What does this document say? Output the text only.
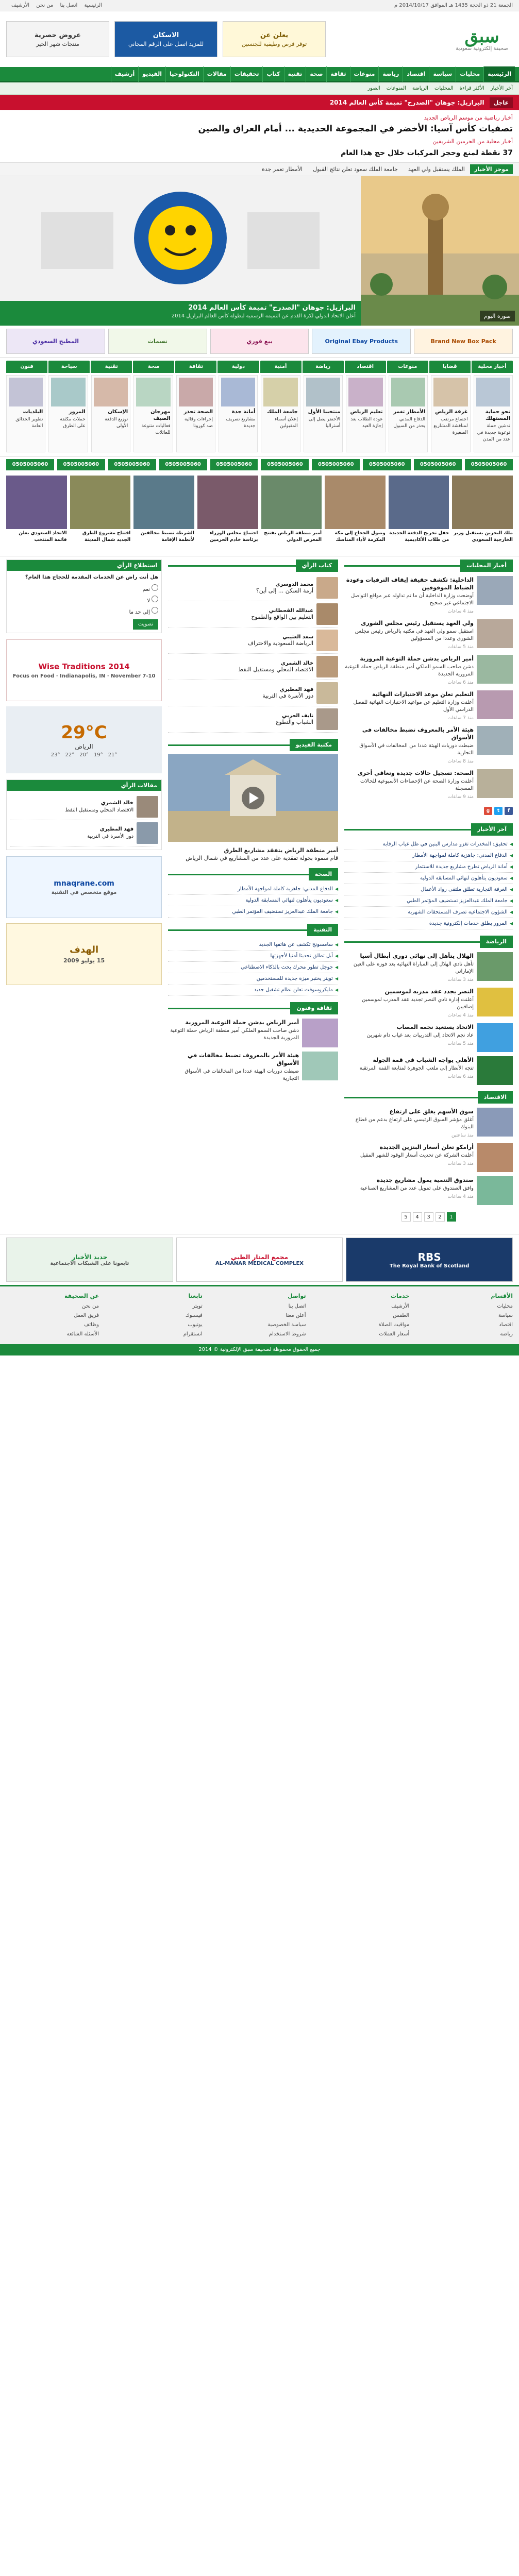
الجمعة 21 ذو الحجة 1435 هـ الموافق 2014/10/17 م
الرئيسية اتصل بنا من نحن الأرشيف
سبق
صحيفة إلكترونية سعودية
يعلن عن
توفر فرص وظيفية للجنسين
الاسكان
للمزيد اتصل على الرقم المجاني
عروض حصرية
منتجات شهر الخير
الرئيسية
محليات
سياسة
اقتصاد
رياضة
منوعات
ثقافة
صحة
تقنية
كتاب
تحقيقات
مقالات
التكنولوجيا
الفيديو
أرشيف
آخر الأخبار
الأكثر قراءة
المحليات
الرياضة
المنوعات
الصور
عاجل
البرازيل: جوهان "الصدرح" تميمة كأس العالم 2014
أخبار رياضية من موسم الرياض الجديد
تصفيات كأس آسيا: الأخضر في المجموعة الحديدية ... أمام العراق والصين
أخبار محلية من الحرمين الشريفين
37 نقطة لمنع وحجز المركبات خلال حج هذا العام
موجز الأخبار
الملك يستقبل ولي العهد
جامعة الملك سعود تعلن نتائج القبول
الأمطار تغمر جدة
صورة اليوم
البرازيل: جوهان "الصدرح" تميمة كأس العالم 2014
أعلن الاتحاد الدولي لكرة القدم عن التميمة الرسمية لبطولة كأس العالم البرازيل 2014
Brand New Box Pack
Original Ebay Products
بيع فوري
نسمات
المطبخ السعودي
أخبار محلية
قضايا
منوعات
اقتصاد
رياضة
أمنية
دولية
ثقافة
صحة
تقنية
سياحة
فنون
نحو حماية المستهلك
تدشين حملة توعوية جديدة في عدد من المدن
غرفة الرياض
اجتماع مرتقب لمناقشة المشاريع الصغيرة
الأمطار تغمر
الدفاع المدني يحذر من السيول
تعليم الرياض
عودة الطلاب بعد إجازة العيد
منتخبنا الأول
الأخضر يصل إلى أستراليا
جامعة الملك
إعلان أسماء المقبولين
أمانة جدة
مشاريع تصريف جديدة
الصحة تحذر
إجراءات وقائية ضد كورونا
مهرجان الصيف
فعاليات متنوعة للعائلات
الإسكان
توزيع الدفعة الأولى
المرور
حملات مكثفة على الطرق
البلديات
تطوير الحدائق العامة
0505005060
0505005060
0505005060
0505005060
0505005060
0505005060
0505005060
0505005060
0505005060
0505005060
ملك البحرين يستقبل وزير الخارجية السعودي
حفل تخريج الدفعة الجديدة من طلاب الأكاديمية
وصول الحجاج إلى مكة المكرمة لأداء المناسك
أمير منطقة الرياض يفتتح المعرض الدولي
اجتماع مجلس الوزراء برئاسة خادم الحرمين
الشرطة تضبط مخالفين لأنظمة الإقامة
افتتاح مشروع الطرق الجديد شمال المدينة
الاتحاد السعودي يعلن قائمة المنتخب
أخبار المحليات
الداخلية: تكشف حقيقة إيقاف الترقيات وعودة الضباط الموقوفين
أوضحت وزارة الداخلية أن ما تم تداوله عبر مواقع التواصل الاجتماعي غير صحيح
منذ 4 ساعات
ولي العهد يستقبل رئيس مجلس الشورى
استقبل سمو ولي العهد في مكتبه بالرياض رئيس مجلس الشورى وعددا من المسؤولين
منذ 5 ساعات
أمير الرياض يدشن حملة التوعية المرورية
دشن صاحب السمو الملكي أمير منطقة الرياض حملة التوعية المرورية الجديدة
منذ 6 ساعات
التعليم تعلن موعد الاختبارات النهائية
أعلنت وزارة التعليم عن مواعيد الاختبارات النهائية للفصل الدراسي الأول
منذ 7 ساعات
هيئة الأمر بالمعروف تضبط مخالفات في الأسواق
ضبطت دوريات الهيئة عددا من المخالفات في الأسواق التجارية
منذ 8 ساعات
الصحة: تسجيل حالات جديدة وتعافي أخرى
أعلنت وزارة الصحة عن الإحصاءات الأسبوعية للحالات المسجلة
منذ 9 ساعات
f
t
g
آخر الأخبار
◀ تحقيق: المخدرات تغزو مدارس البنين في ظل غياب الرقابة
◀ الدفاع المدني: جاهزية كاملة لمواجهة الأمطار
◀ أمانة الرياض تطرح مشاريع جديدة للاستثمار
◀ سعوديون يتأهلون لنهائي المسابقة الدولية
◀ الغرفة التجارية تطلق ملتقى رواد الأعمال
◀ جامعة الملك عبدالعزيز تستضيف المؤتمر الطبي
◀ الشؤون الاجتماعية تصرف المستحقات الشهرية
◀ المرور يطلق خدمات إلكترونية جديدة
الرياضة
الهلال يتأهل إلى نهائي دوري أبطال آسيا
تأهل نادي الهلال إلى المباراة النهائية بعد فوزه على العين الإماراتي
منذ 3 ساعات
النصر يجدد عقد مدربه لموسمين
أعلنت إدارة نادي النصر تجديد عقد المدرب لموسمين إضافيين
منذ 4 ساعات
الاتحاد يستعيد نجمه المصاب
عاد نجم الاتحاد إلى التدريبات بعد غياب دام شهرين
منذ 5 ساعات
الأهلي يواجه الشباب في قمة الجولة
تتجه الأنظار إلى ملعب الجوهرة لمتابعة القمة المرتقبة
منذ 6 ساعات
الاقتصاد
سوق الأسهم يغلق على ارتفاع
أغلق مؤشر السوق الرئيسي على ارتفاع بدعم من قطاع البنوك
منذ ساعتين
أرامكو تعلن أسعار البنزين الجديدة
أعلنت الشركة عن تحديث أسعار الوقود للشهر المقبل
منذ 3 ساعات
صندوق التنمية يمول مشاريع جديدة
وافق الصندوق على تمويل عدد من المشاريع الصناعية
منذ 4 ساعات
1
2
3
4
5
كتاب الرأي
محمد الدوسري
أزمة السكن ... إلى أين؟
عبدالله القحطاني
التعليم بين الواقع والطموح
سعد العتيبي
الرياضة السعودية والاحتراف
خالد الشمري
الاقتصاد المحلي ومستقبل النفط
فهد المطيري
دور الأسرة في التربية
نايف الحربي
الشباب والتطوع
مكتبة الفيديو
أمير منطقة الرياض يتفقد مشاريع الطرق
قام سموه بجولة تفقدية على عدد من المشاريع في شمال الرياض
الصحة
◀ الدفاع المدني: جاهزية كاملة لمواجهة الأمطار
◀ سعوديون يتأهلون لنهائي المسابقة الدولية
◀ جامعة الملك عبدالعزيز تستضيف المؤتمر الطبي
التقنية
◀ سامسونج تكشف عن هاتفها الجديد
◀ أبل تطلق تحديثا أمنيا لأجهزتها
◀ جوجل تطور محرك بحث بالذكاء الاصطناعي
◀ تويتر يختبر ميزة جديدة للمستخدمين
◀ مايكروسوفت تعلن نظام تشغيل جديد
ثقافة وفنون
أمير الرياض يدشن حملة التوعية المرورية
دشن صاحب السمو الملكي أمير منطقة الرياض حملة التوعية المرورية الجديدة
هيئة الأمر بالمعروف تضبط مخالفات في الأسواق
ضبطت دوريات الهيئة عددا من المخالفات في الأسواق التجارية
استطلاع الرأي
هل أنت راض عن الخدمات المقدمة للحجاج هذا العام؟
نعم
لا
إلى حد ما
تصويت
Wise Traditions 2014
Focus on Food · Indianapolis, IN · November 7-10
29°C
الرياض
21°
19°
20°
22°
23°
مقالات الرأي
خالد الشمري
الاقتصاد المحلي ومستقبل النفط
فهد المطيري
دور الأسرة في التربية
mnaqrane.com
موقع متخصص في التقنية
الهدف
15 يوليو 2009
RBS
The Royal Bank of Scotland
مجمع المنار الطبي
AL-MANAR MEDICAL COMPLEX
جديد الأخبار
تابعونا على الشبكات الاجتماعية
الأقسام
محليات
سياسة
اقتصاد
رياضة
خدمات
الأرشيف
الطقس
مواقيت الصلاة
أسعار العملات
تواصل
اتصل بنا
أعلن معنا
سياسة الخصوصية
شروط الاستخدام
تابعنا
تويتر
فيسبوك
يوتيوب
انستقرام
عن الصحيفة
من نحن
فريق العمل
وظائف
الأسئلة الشائعة
جميع الحقوق محفوظة لصحيفة سبق الإلكترونية © 2014
